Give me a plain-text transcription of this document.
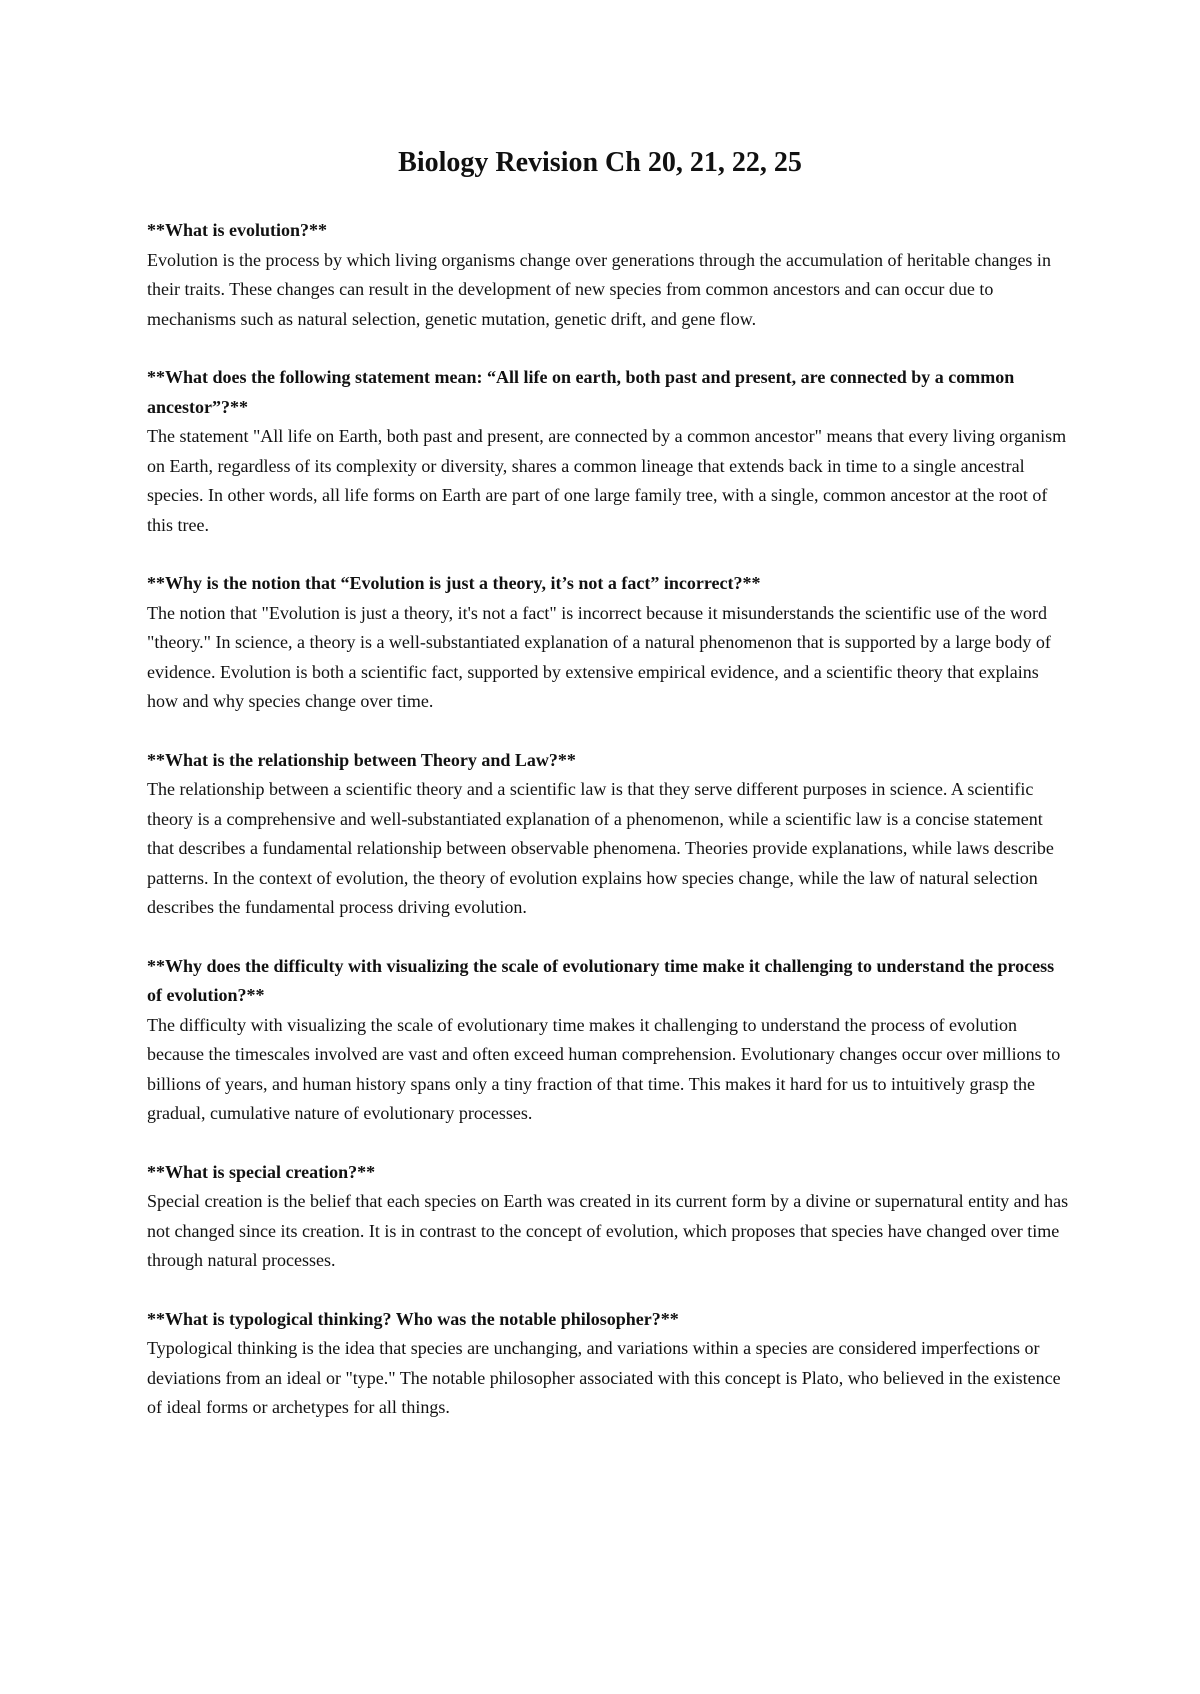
Biology Revision Ch 20, 21, 22, 25

**What is evolution?**

Evolution is the process by which living organisms change over generations through the accumulation of heritable changes in their traits. These changes can result in the development of new species from common ancestors and can occur due to mechanisms such as natural selection, genetic mutation, genetic drift, and gene flow.

**What does the following statement mean: “All life on earth, both past and present, are connected by a common ancestor”?**

The statement "All life on Earth, both past and present, are connected by a common ancestor" means that every living organism on Earth, regardless of its complexity or diversity, shares a common lineage that extends back in time to a single ancestral species. In other words, all life forms on Earth are part of one large family tree, with a single, common ancestor at the root of this tree.

**Why is the notion that “Evolution is just a theory, it’s not a fact” incorrect?**

The notion that "Evolution is just a theory, it's not a fact" is incorrect because it misunderstands the scientific use of the word "theory." In science, a theory is a well-substantiated explanation of a natural phenomenon that is supported by a large body of evidence. Evolution is both a scientific fact, supported by extensive empirical evidence, and a scientific theory that explains how and why species change over time.

**What is the relationship between Theory and Law?**

The relationship between a scientific theory and a scientific law is that they serve different purposes in science. A scientific theory is a comprehensive and well-substantiated explanation of a phenomenon, while a scientific law is a concise statement that describes a fundamental relationship between observable phenomena. Theories provide explanations, while laws describe patterns. In the context of evolution, the theory of evolution explains how species change, while the law of natural selection describes the fundamental process driving evolution.

**Why does the difficulty with visualizing the scale of evolutionary time make it challenging to understand the process of evolution?**

The difficulty with visualizing the scale of evolutionary time makes it challenging to understand the process of evolution because the timescales involved are vast and often exceed human comprehension. Evolutionary changes occur over millions to billions of years, and human history spans only a tiny fraction of that time. This makes it hard for us to intuitively grasp the gradual, cumulative nature of evolutionary processes.

**What is special creation?**

Special creation is the belief that each species on Earth was created in its current form by a divine or supernatural entity and has not changed since its creation. It is in contrast to the concept of evolution, which proposes that species have changed over time through natural processes.

**What is typological thinking? Who was the notable philosopher?**

Typological thinking is the idea that species are unchanging, and variations within a species are considered imperfections or deviations from an ideal or "type." The notable philosopher associated with this concept is Plato, who believed in the existence of ideal forms or archetypes for all things.
